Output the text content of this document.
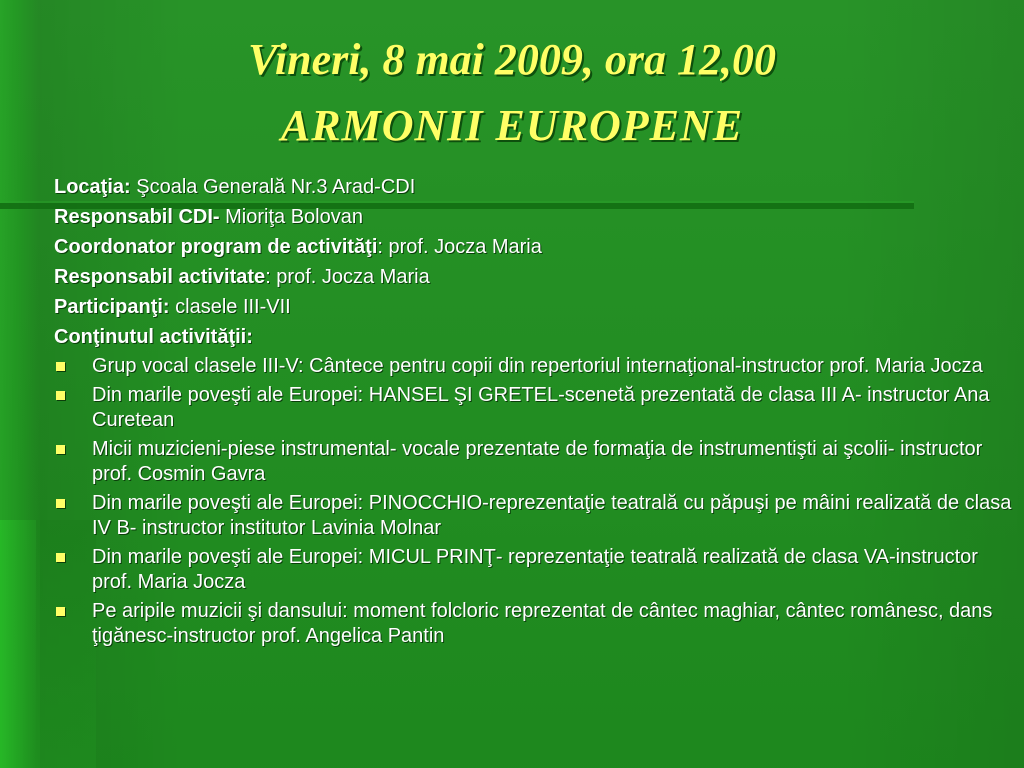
Vineri, 8 mai 2009, ora 12,00
ARMONII EUROPENE
Locaţia: Şcoala Generală Nr.3 Arad-CDI
Responsabil CDI- Mioriţa Bolovan
Coordonator program de activităţi: prof. Jocza Maria
Responsabil activitate: prof. Jocza Maria
Participanţi: clasele III-VII
Conţinutul activităţii:
Grup vocal clasele III-V: Cântece pentru copii din repertoriul internaţional-instructor prof. Maria Jocza
Din marile poveşti ale Europei: HANSEL ŞI GRETEL-scenetă prezentată de clasa III A- instructor Ana Curetean
Micii muzicieni-piese instrumental- vocale prezentate de formaţia de instrumentişti ai şcolii- instructor prof. Cosmin Gavra
Din marile poveşti ale Europei: PINOCCHIO-reprezentaţie teatrală cu păpuşi pe mâini realizată de clasa IV B- instructor institutor Lavinia Molnar
Din marile poveşti ale Europei: MICUL PRINŢ- reprezentaţie teatrală realizată de clasa VA-instructor prof. Maria Jocza
Pe aripile muzicii şi dansului: moment folcloric reprezentat de cântec maghiar, cântec românesc, dans ţigănesc-instructor prof. Angelica Pantin
